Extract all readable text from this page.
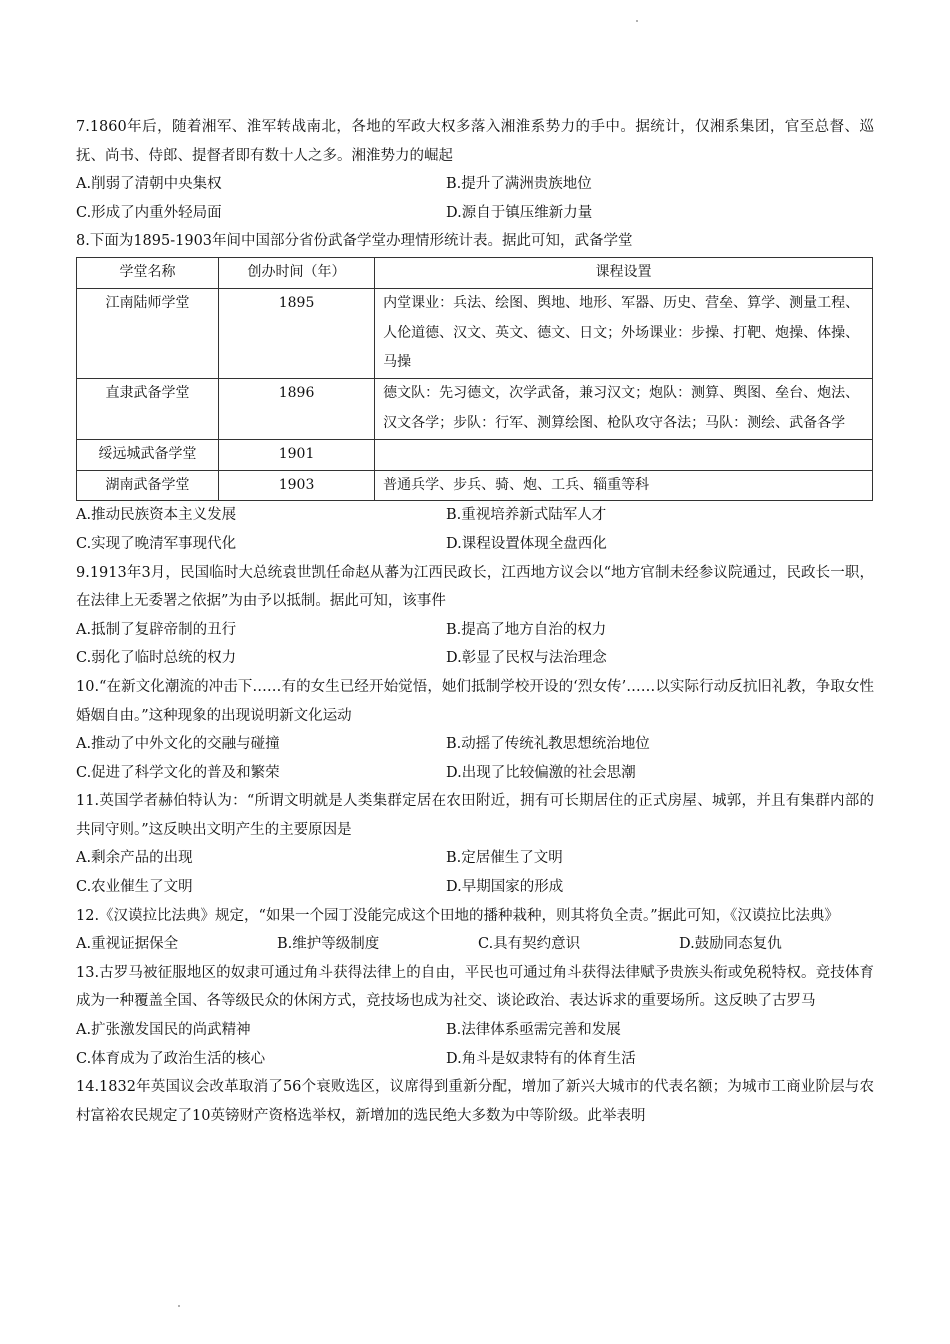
7.1860年后，随着湘军、淮军转战南北，各地的军政大权多落入湘淮系势力的手中。据统计，仅湘系集团，官至总督、巡抚、尚书、侍郎、提督者即有数十人之多。湘淮势力的崛起

A.削弱了清朝中央集权	B.提升了满洲贵族地位
C.形成了内重外轻局面	D.源自于镇压维新力量

8.下面为1895-1903年间中国部分省份武备学堂办理情形统计表。据此可知，武备学堂

学堂名称	创办时间（年）	课程设置
江南陆师学堂	1895	内堂课业：兵法、绘图、舆地、地形、军器、历史、营垒、算学、测量工程、人伦道德、汉文、英文、德文、日文；外场课业：步操、打靶、炮操、体操、马操
直隶武备学堂	1896	德文队：先习德文，次学武备，兼习汉文；炮队：测算、舆图、垒台、炮法、汉文各学；步队：行军、测算绘图、枪队攻守各法；马队：测绘、武备各学
绥远城武备学堂	1901	
湖南武备学堂	1903	普通兵学、步兵、骑、炮、工兵、辎重等科
A.推动民族资本主义发展	B.重视培养新式陆军人才
C.实现了晚清军事现代化	D.课程设置体现全盘西化

9.1913年3月，民国临时大总统袁世凯任命赵从蕃为江西民政长，江西地方议会以“地方官制未经参议院通过，民政长一职，在法律上无委署之依据”为由予以抵制。据此可知，该事件

A.抵制了复辟帝制的丑行	B.提高了地方自治的权力
C.弱化了临时总统的权力	D.彰显了民权与法治理念

10.“在新文化潮流的冲击下……有的女生已经开始觉悟，她们抵制学校开设的‘烈女传’……以实际行动反抗旧礼教，争取女性婚姻自由。”这种现象的出现说明新文化运动

A.推动了中外文化的交融与碰撞	B.动摇了传统礼教思想统治地位
C.促进了科学文化的普及和繁荣	D.出现了比较偏激的社会思潮

11.英国学者赫伯特认为：“所谓文明就是人类集群定居在农田附近，拥有可长期居住的正式房屋、城郭，并且有集群内部的共同守则。”这反映出文明产生的主要原因是

A.剩余产品的出现	B.定居催生了文明
C.农业催生了文明	D.早期国家的形成

12.《汉谟拉比法典》规定，“如果一个园丁没能完成这个田地的播种栽种，则其将负全责。”据此可知，《汉谟拉比法典》

A.重视证据保全	B.维护等级制度	C.具有契约意识	D.鼓励同态复仇

13.古罗马被征服地区的奴隶可通过角斗获得法律上的自由，平民也可通过角斗获得法律赋予贵族头衔或免税特权。竞技体育成为一种覆盖全国、各等级民众的休闲方式，竞技场也成为社交、谈论政治、表达诉求的重要场所。这反映了古罗马

A.扩张激发国民的尚武精神	B.法律体系亟需完善和发展
C.体育成为了政治生活的核心	D.角斗是奴隶特有的体育生活

14.1832年英国议会改革取消了56个衰败选区，议席得到重新分配，增加了新兴大城市的代表名额；为城市工商业阶层与农村富裕农民规定了10英镑财产资格选举权，新增加的选民绝大多数为中等阶级。此举表明
